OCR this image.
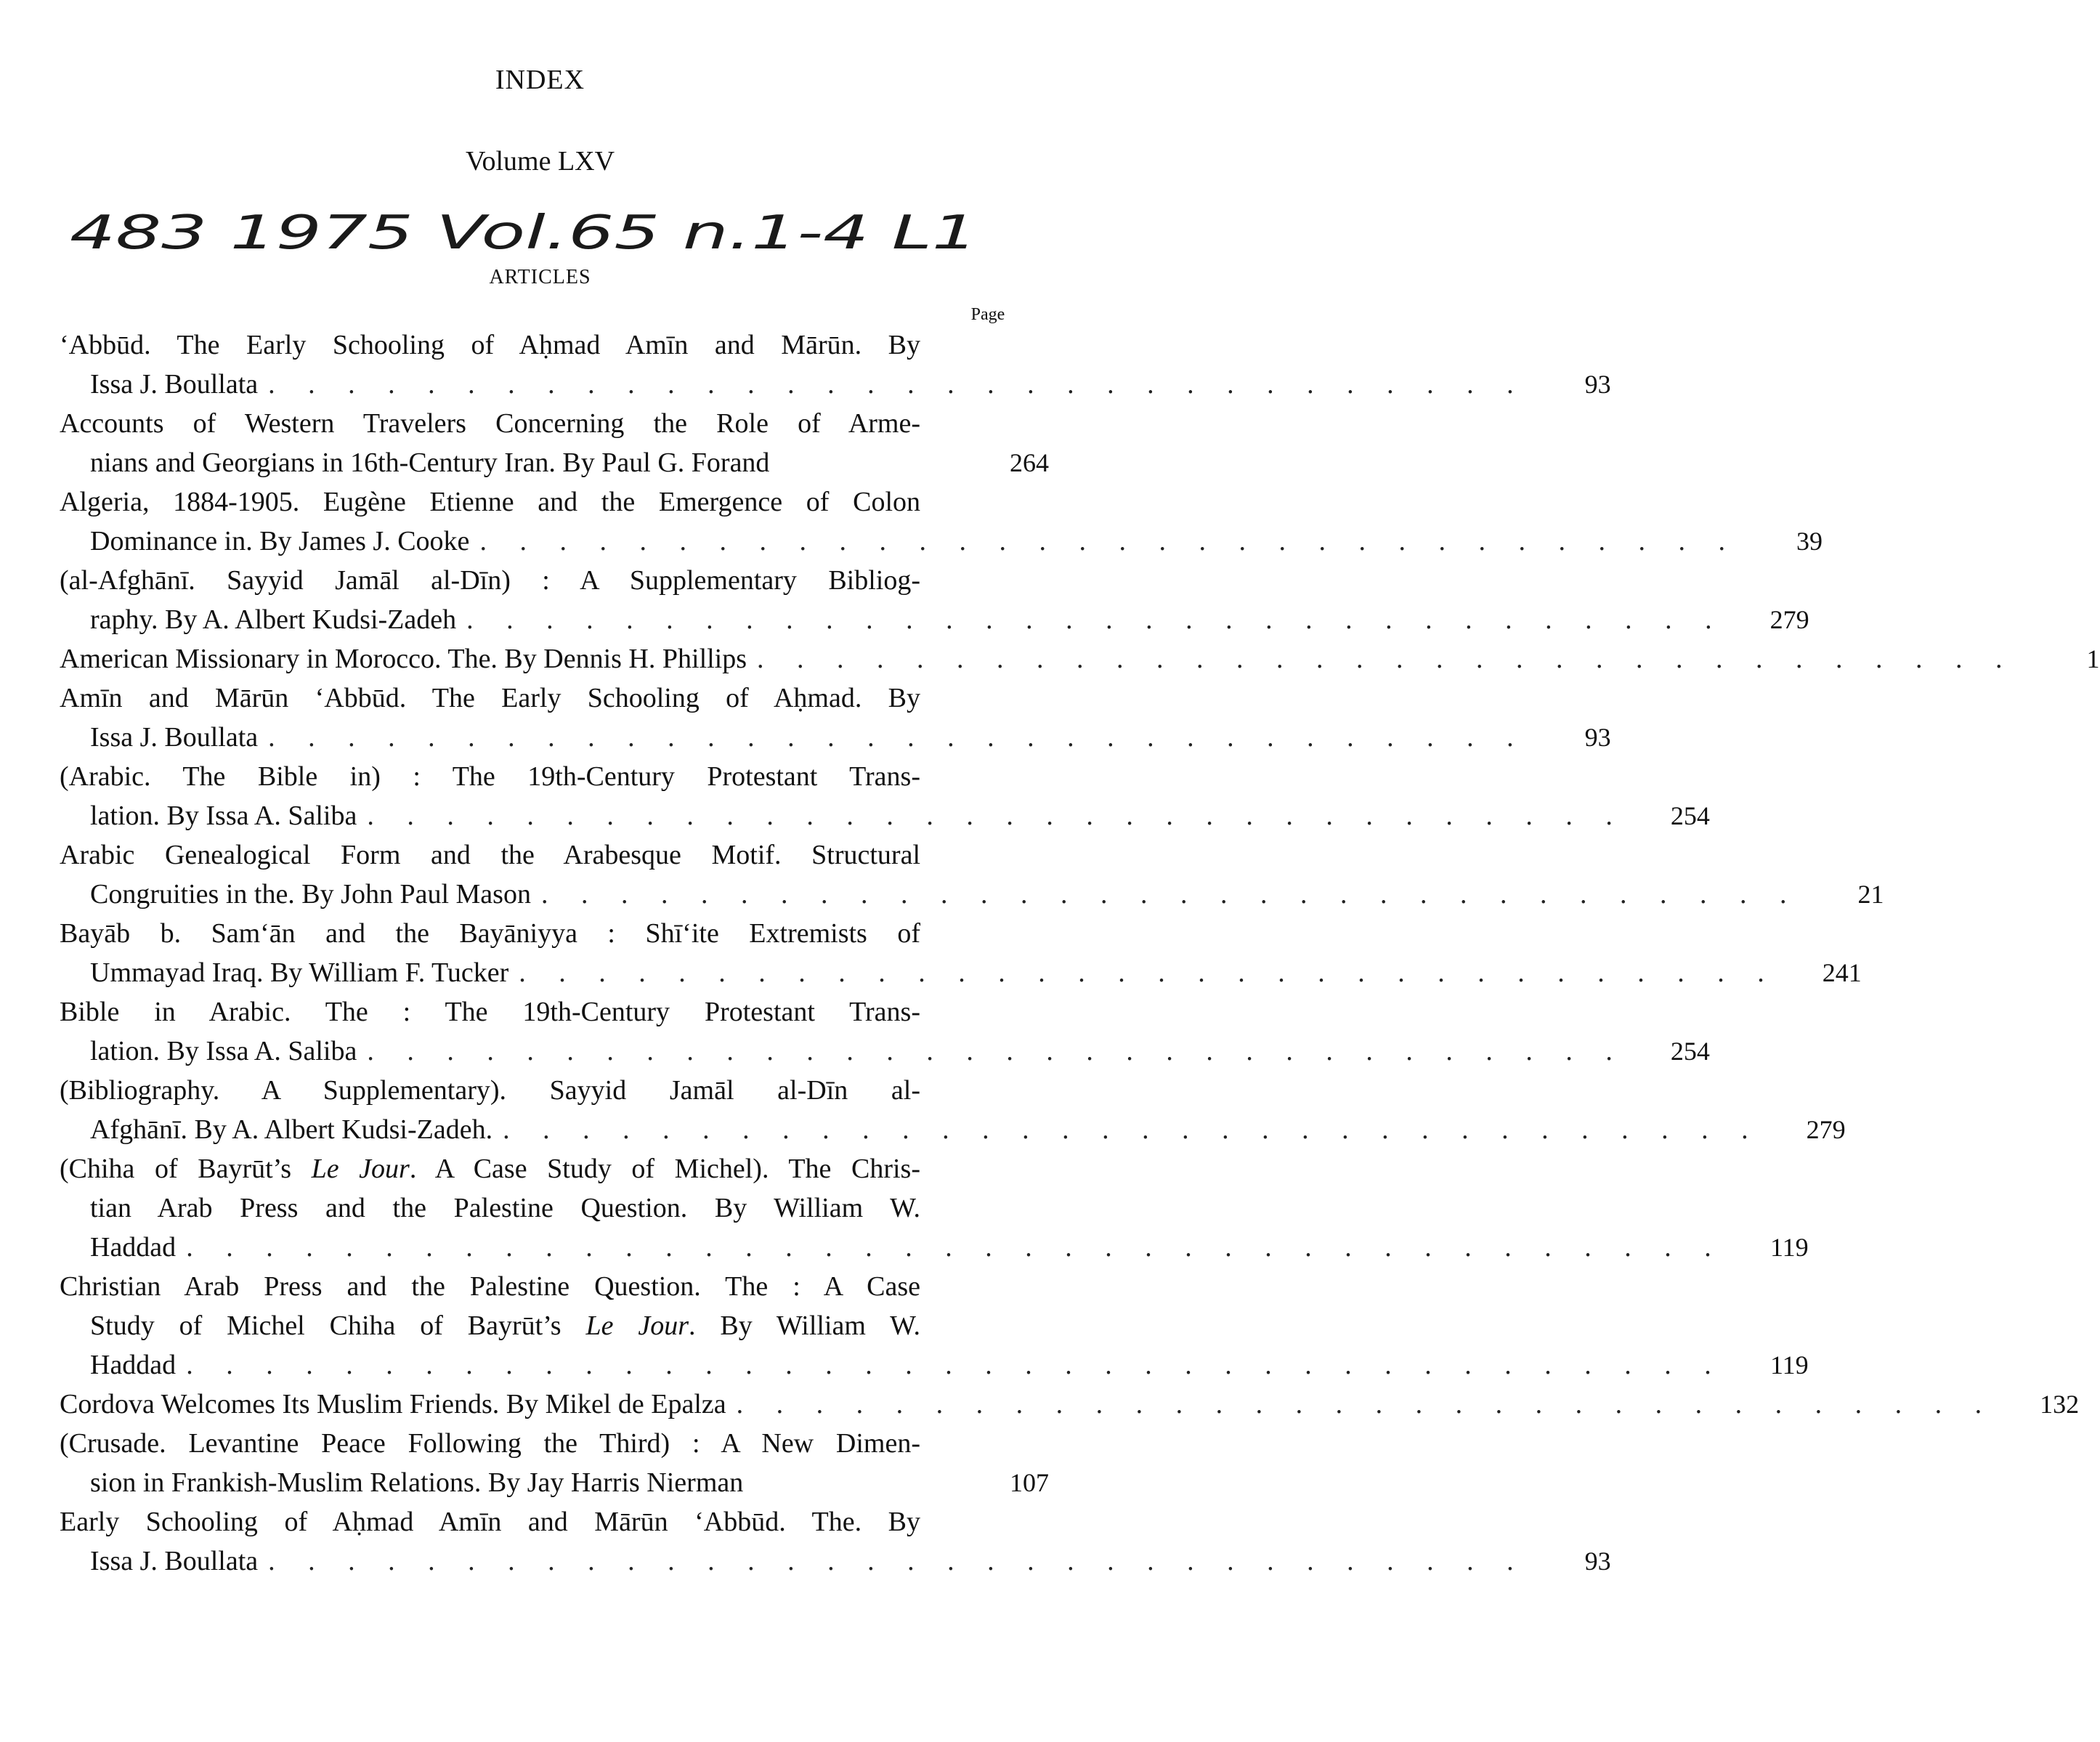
INDEX
Volume LXV
483 1975 Vol.65 n.1-4 L1
ARTICLES
Page
‘Abbūd. The Early Schooling of Aḥmad Amīn and Mārūn. By
Issa J. Boullata . . . . . . . . . . . . . . . . . . . . . . . . . . . . . . . .	93
Accounts of Western Travelers Concerning the Role of Arme-
nians and Georgians in 16th-Century Iran. By Paul G. Forand	264
Algeria, 1884-1905. Eugène Etienne and the Emergence of Colon
Dominance in. By James J. Cooke . . . . . . . . . . . . . . . . . . . . . . . . . . . . . . . .	39
(al-Afghānī. Sayyid Jamāl al-Dīn) : A Supplementary Bibliog-
raphy. By A. Albert Kudsi-Zadeh . . . . . . . . . . . . . . . . . . . . . . . . . . . . . . . .	279
American Missionary in Morocco. The. By Dennis H. Phillips . . . . . . . . . . . . . . . . . . . . . . . . . . . . . . . .	1
Amīn and Mārūn ‘Abbūd. The Early Schooling of Aḥmad. By
Issa J. Boullata . . . . . . . . . . . . . . . . . . . . . . . . . . . . . . . .	93
(Arabic. The Bible in) : The 19th-Century Protestant Trans-
lation. By Issa A. Saliba . . . . . . . . . . . . . . . . . . . . . . . . . . . . . . . .	254
Arabic Genealogical Form and the Arabesque Motif. Structural
Congruities in the. By John Paul Mason . . . . . . . . . . . . . . . . . . . . . . . . . . . . . . . .	21
Bayāb b. Sam‘ān and the Bayāniyya : Shī‘ite Extremists of
Ummayad Iraq. By William F. Tucker . . . . . . . . . . . . . . . . . . . . . . . . . . . . . . . .	241
Bible in Arabic. The : The 19th-Century Protestant Trans-
lation. By Issa A. Saliba . . . . . . . . . . . . . . . . . . . . . . . . . . . . . . . .	254
(Bibliography. A Supplementary). Sayyid Jamāl al-Dīn al-
Afghānī. By A. Albert Kudsi-Zadeh. . . . . . . . . . . . . . . . . . . . . . . . . . . . . . . . .	279
(Chiha of Bayrūt’s Le Jour. A Case Study of Michel). The Chris-
tian Arab Press and the Palestine Question. By William W.
Haddad . . . . . . . . . . . . . . . . . . . . . . . . . . . . . . . . . . . . . . .	119
Christian Arab Press and the Palestine Question. The : A Case
Study of Michel Chiha of Bayrūt’s Le Jour. By William W.
Haddad . . . . . . . . . . . . . . . . . . . . . . . . . . . . . . . . . . . . . . .	119
Cordova Welcomes Its Muslim Friends. By Mikel de Epalza . . . . . . . . . . . . . . . . . . . . . . . . . . . . . . . .	132
(Crusade. Levantine Peace Following the Third) : A New Dimen-
sion in Frankish-Muslim Relations. By Jay Harris Nierman	107
Early Schooling of Aḥmad Amīn and Mārūn ‘Abbūd. The. By
Issa J. Boullata . . . . . . . . . . . . . . . . . . . . . . . . . . . . . . . .	93
